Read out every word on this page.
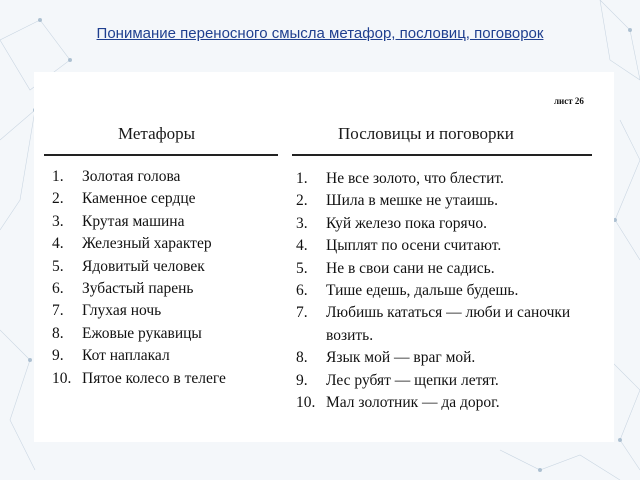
Понимание переносного смысла метафор, пословиц, поговорок
лист 26
Метафоры	Пословицы и поговорки
1. Золотая голова
2. Каменное сердце
3. Крутая машина
4. Железный характер
5. Ядовитый человек
6. Зубастый парень
7. Глухая ночь
8. Ежовые рукавицы
9. Кот наплакал
10. Пятое колесо в телеге
1. Не все золото, что блестит.
2. Шила в мешке не утаишь.
3. Куй железо пока горячо.
4. Цыплят по осени считают.
5. Не в свои сани не садись.
6. Тише едешь, дальше будешь.
7. Любишь кататься — люби и саночки возить.
8. Язык мой — враг мой.
9. Лес рубят — щепки летят.
10. Мал золотник — да дорог.
